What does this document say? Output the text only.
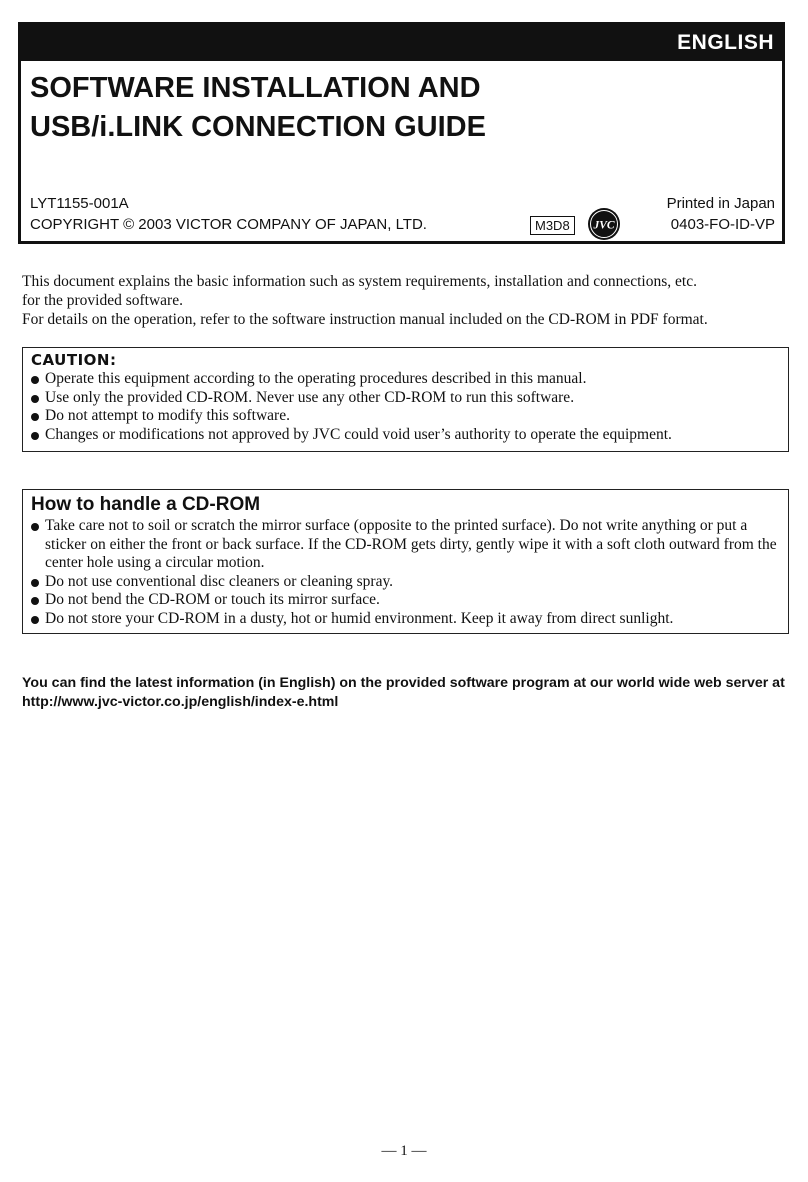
ENGLISH
SOFTWARE INSTALLATION AND
USB/i.LINK CONNECTION GUIDE
LYT1155-001A
COPYRIGHT © 2003 VICTOR COMPANY OF JAPAN, LTD.	M3D8	JVC
Printed in Japan
0403-FO-ID-VP

This document explains the basic information such as system requirements, installation and connections, etc.

for the provided software.

For details on the operation, refer to the software instruction manual included on the CD-ROM in PDF format.

CAUTION:
Operate this equipment according to the operating procedures described in this manual.
Use only the provided CD-ROM. Never use any other CD-ROM to run this software.
Do not attempt to modify this software.
Changes or modifications not approved by JVC could void user’s authority to operate the equipment.
How to handle a CD-ROM
Take care not to soil or scratch the mirror surface (opposite to the printed surface). Do not write anything or put a sticker on either the front or back surface. If the CD-ROM gets dirty, gently wipe it with a soft cloth outward from the center hole using a circular motion.
Do not use conventional disc cleaners or cleaning spray.
Do not bend the CD-ROM or touch its mirror surface.
Do not store your CD-ROM in a dusty, hot or humid environment. Keep it away from direct sunlight.
You can find the latest information (in English) on the provided software program at our world wide web server at http://www.jvc-victor.co.jp/english/index-e.html
— 1 —
